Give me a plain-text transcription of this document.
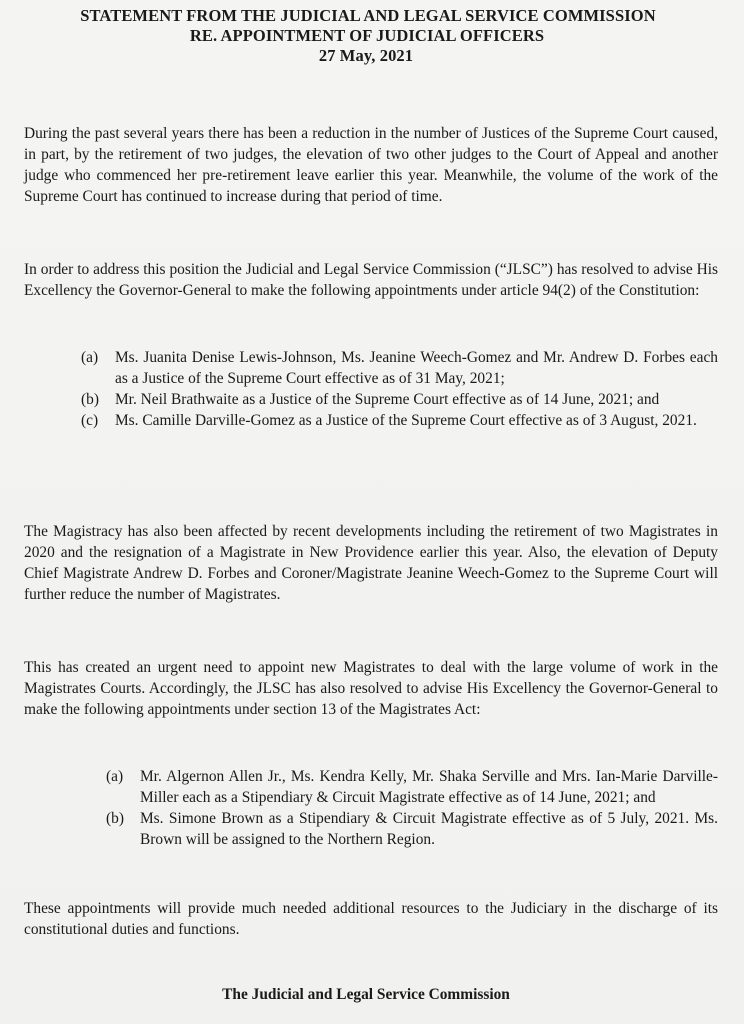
STATEMENT FROM THE JUDICIAL AND LEGAL SERVICE COMMISSION
RE. APPOINTMENT OF JUDICIAL OFFICERS
27 May, 2021

During the past several years there has been a reduction in the number of Justices of the Supreme Court caused, in part, by the retirement of two judges, the elevation of two other judges to the Court of Appeal and another judge who commenced her pre-retirement leave earlier this year. Meanwhile, the volume of the work of the Supreme Court has continued to increase during that period of time.

In order to address this position the Judicial and Legal Service Commission (“JLSC”) has resolved to advise His Excellency the Governor-General to make the following appointments under article 94(2) of the Constitution:

(a) Ms. Juanita Denise Lewis-Johnson, Ms. Jeanine Weech-Gomez and Mr. Andrew D. Forbes each as a Justice of the Supreme Court effective as of 31 May, 2021;
(b) Mr. Neil Brathwaite as a Justice of the Supreme Court effective as of 14 June, 2021; and
(c) Ms. Camille Darville-Gomez as a Justice of the Supreme Court effective as of 3 August, 2021.

The Magistracy has also been affected by recent developments including the retirement of two Magistrates in 2020 and the resignation of a Magistrate in New Providence earlier this year. Also, the elevation of Deputy Chief Magistrate Andrew D. Forbes and Coroner/Magistrate Jeanine Weech-Gomez to the Supreme Court will further reduce the number of Magistrates.

This has created an urgent need to appoint new Magistrates to deal with the large volume of work in the Magistrates Courts. Accordingly, the JLSC has also resolved to advise His Excellency the Governor-General to make the following appointments under section 13 of the Magistrates Act:

(a) Mr. Algernon Allen Jr., Ms. Kendra Kelly, Mr. Shaka Serville and Mrs. Ian-Marie Darville-Miller each as a Stipendiary & Circuit Magistrate effective as of 14 June, 2021; and
(b) Ms. Simone Brown as a Stipendiary & Circuit Magistrate effective as of 5 July, 2021. Ms. Brown will be assigned to the Northern Region.

These appointments will provide much needed additional resources to the Judiciary in the discharge of its constitutional duties and functions.

The Judicial and Legal Service Commission
